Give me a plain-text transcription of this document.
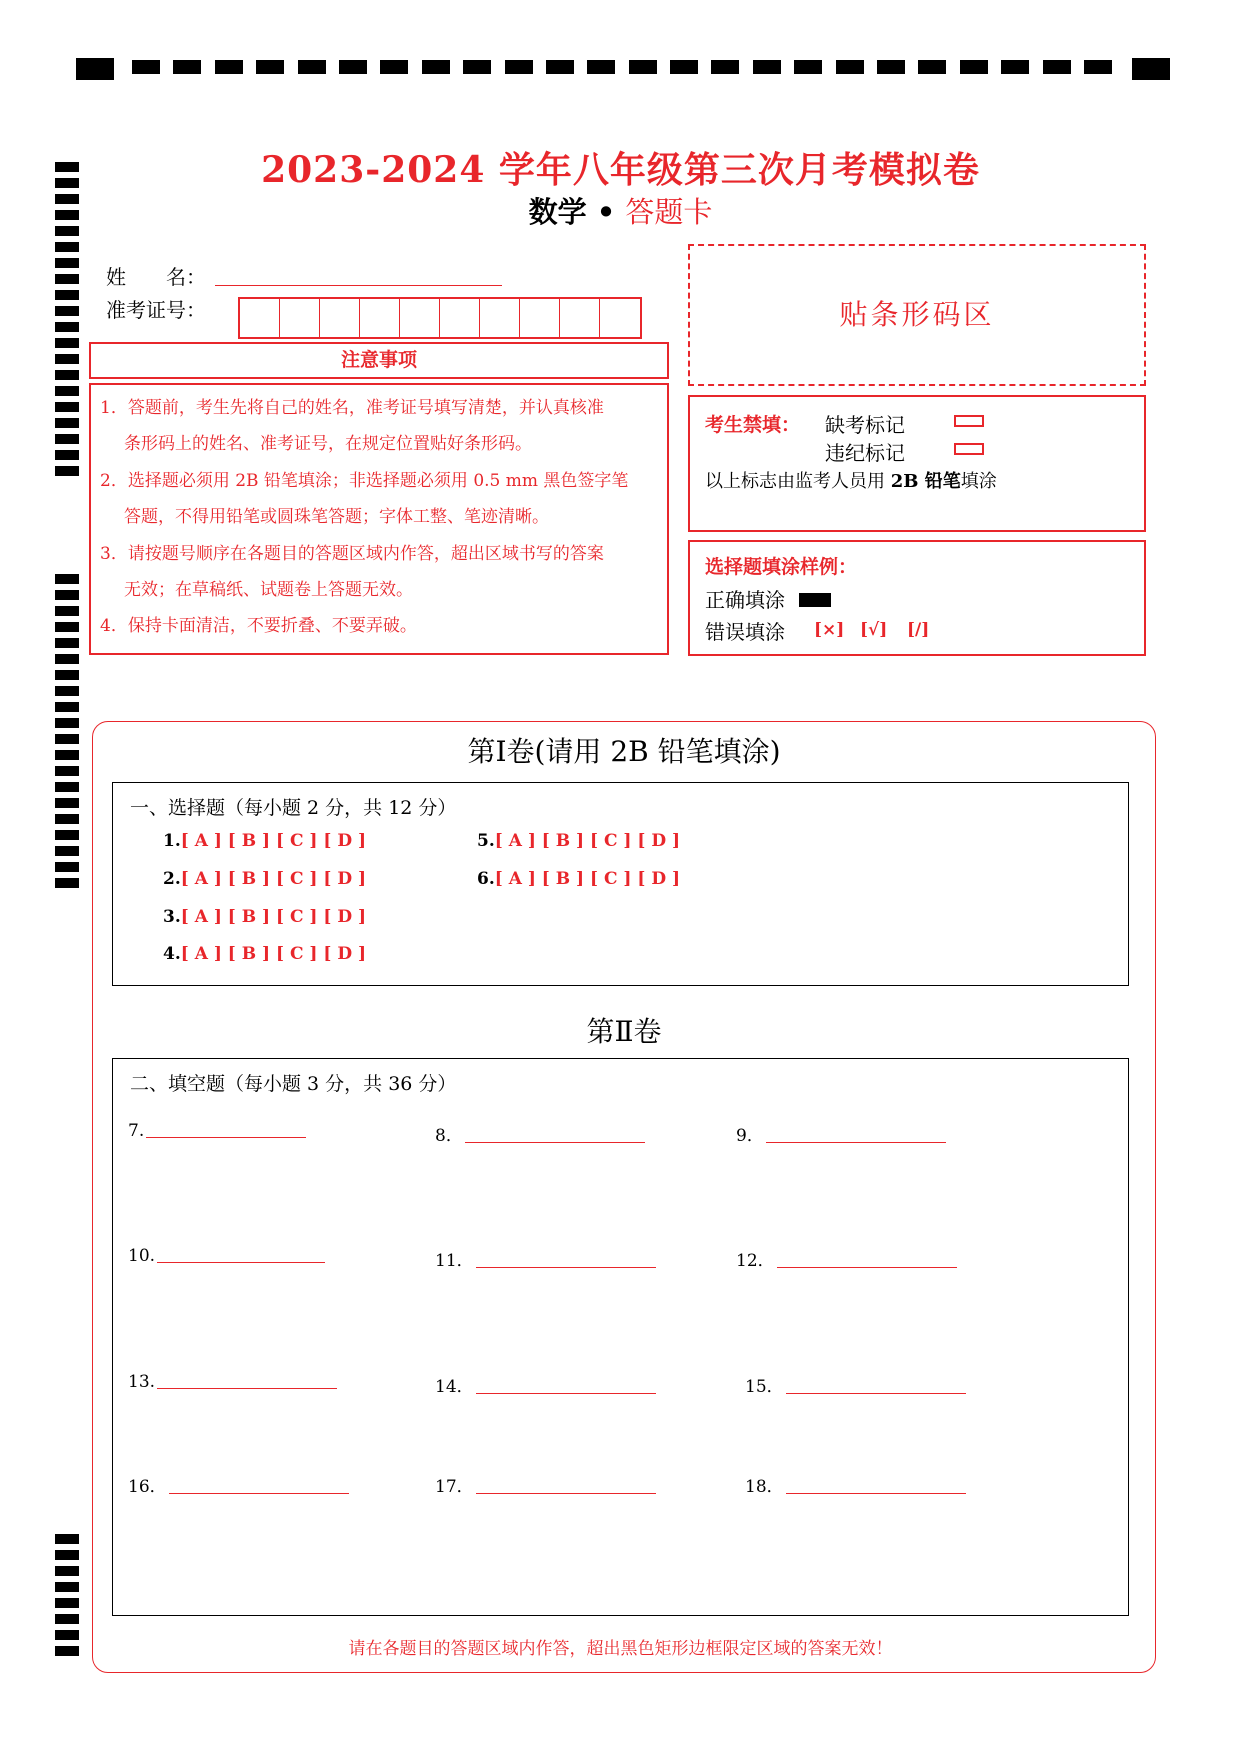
2023-2024 学年八年级第三次月考模拟卷
数学 • 答题卡
姓　　名：
准考证号：
注意事项
1．答题前，考生先将自己的姓名，准考证号填写清楚，并认真核准
条形码上的姓名、准考证号，在规定位置贴好条形码。
2．选择题必须用 2B 铅笔填涂；非选择题必须用 0.5 mm 黑色签字笔
答题，不得用铅笔或圆珠笔答题；字体工整、笔迹清晰。
3．请按题号顺序在各题目的答题区域内作答，超出区域书写的答案
无效；在草稿纸、试题卷上答题无效。
4．保持卡面清洁，不要折叠、不要弄破。
贴条形码区
考生禁填： 缺考标记
违纪标记
以上标志由监考人员用 2B 铅笔填涂
选择题填涂样例：
正确填涂
错误填涂 [×] [√] [/]
第Ⅰ卷(请用 2B 铅笔填涂)
一、选择题（每小题 2 分，共 12 分）
1.[ A ] [ B ] [ C ] [ D ]
2.[ A ] [ B ] [ C ] [ D ]
3.[ A ] [ B ] [ C ] [ D ]
4.[ A ] [ B ] [ C ] [ D ]
5.[ A ] [ B ] [ C ] [ D ]
6.[ A ] [ B ] [ C ] [ D ]
第Ⅱ卷
二、填空题（每小题 3 分，共 36 分）
7.	8．	9．
10.	11．	12．
13.	14．	15．
16．	17．	18．
请在各题目的答题区域内作答，超出黑色矩形边框限定区域的答案无效！
